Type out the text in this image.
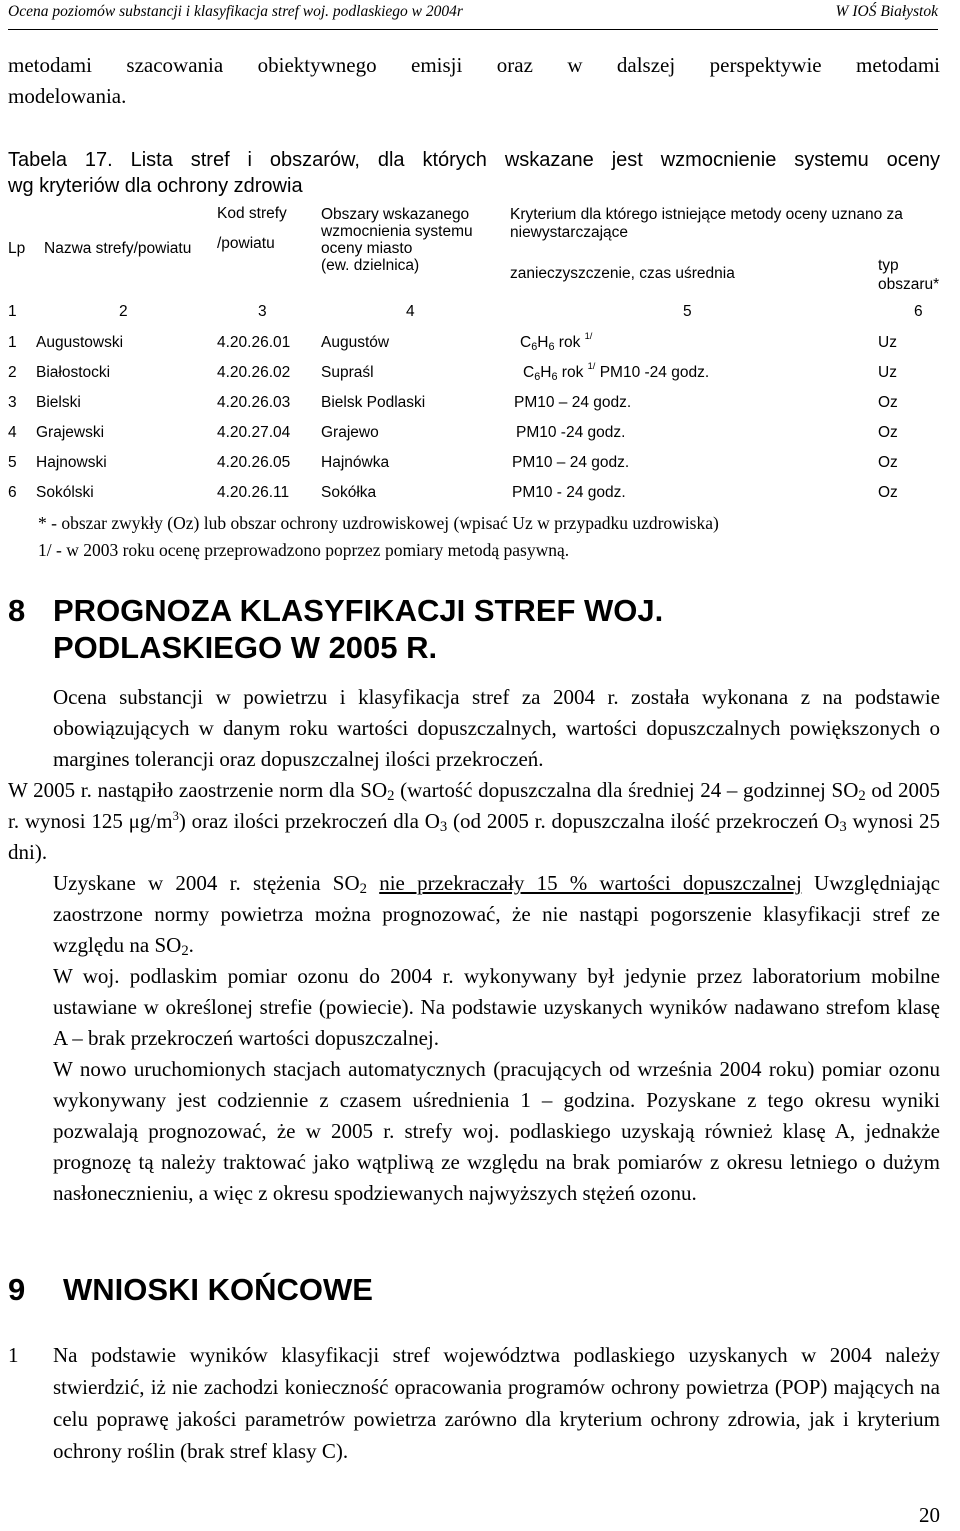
Ocena poziomów substancji i klasyfikacja stref woj. podlaskiego w 2004r	W IOŚ Białystok
metodami szacowania obiektywnego emisji oraz w dalszej perspektywie metodami
modelowania.
Tabela 17. Lista stref i obszarów, dla których wskazane jest wzmocnienie systemu oceny
wg kryteriów dla ochrony zdrowia
Lp Nazwa strefy/powiatu
Kod strefy
/powiatu
Obszary wskazanego
wzmocnienia systemu
oceny miasto
(ew. dzielnica)
Kryterium dla którego istniejące metody oceny uznano za
niewystarczające
zanieczyszczenie, czas uśrednia	typ
obszaru*
1	2	3	4	5	6
1 Augustowski	4.20.26.01 Augustów	$C_6H_6$ rok $^{1/}$	Uz
2 Białostocki	4.20.26.02 Supraśl	$C_6H_6$ rok $^{1/}$ PM10 -24 godz.	Uz
3 Bielski	4.20.26.03 Bielsk Podlaski	PM10 – 24 godz.	Oz
4 Grajewski	4.20.27.04 Grajewo	PM10 -24 godz.	Oz
5 Hajnowski	4.20.26.05 Hajnówka	PM10 – 24 godz.	Oz
6 Sokólski	4.20.26.11 Sokółka	PM10 - 24 godz.	Oz
* - obszar zwykły (Oz) lub obszar ochrony uzdrowiskowej (wpisać Uz w przypadku uzdrowiska)
1/ - w 2003 roku ocenę przeprowadzono poprzez pomiary metodą pasywną.
8 PROGNOZA KLASYFIKACJI STREF WOJ.
PODLASKIEGO W 2005 R.

Ocena substancji w powietrzu i klasyfikacja stref za 2004 r. została wykonana z na podstawie obowiązujących w danym roku wartości dopuszczalnych, wartości dopuszczalnych powiększonych o margines tolerancji oraz dopuszczalnej ilości przekroczeń.

W 2005 r. nastąpiło zaostrzenie norm dla $SO_2$ (wartość dopuszczalna dla średniej 24 – godzinnej $SO_2$ od 2005 r. wynosi 125 $\mu g/m^3$) oraz ilości przekroczeń dla $O_3$ (od 2005 r. dopuszczalna ilość przekroczeń $O_3$ wynosi 25 dni).

Uzyskane w 2004 r. stężenia $SO_2$ nie przekraczały 15 % wartości dopuszczalnej Uwzględniając zaostrzone normy powietrza można prognozować, że nie nastąpi pogorszenie klasyfikacji stref ze względu na $SO_2$.

W woj. podlaskim pomiar ozonu do 2004 r. wykonywany był jedynie przez laboratorium mobilne ustawiane w określonej strefie (powiecie). Na podstawie uzyskanych wyników nadawano strefom klasę A – brak przekroczeń wartości dopuszczalnej.

W nowo uruchomionych stacjach automatycznych (pracujących od września 2004 roku) pomiar ozonu wykonywany jest codziennie z czasem uśrednienia 1 – godzina. Pozyskane z tego okresu wyniki pozwalają prognozować, że w 2005 r. strefy woj. podlaskiego uzyskają również klasę A, jednakże prognozę tą należy traktować jako wątpliwą ze względu na brak pomiarów z okresu letniego o dużym nasłonecznieniu, a więc z okresu spodziewanych najwyższych stężeń ozonu.

9 WNIOSKI KOŃCOWE
1 Na podstawie wyników klasyfikacji stref województwa podlaskiego uzyskanych w 2004 należy stwierdzić, iż nie zachodzi konieczność opracowania programów ochrony powietrza (POP) mających na celu poprawę jakości parametrów powietrza zarówno dla kryterium ochrony zdrowia, jak i kryterium ochrony roślin (brak stref klasy C).
20
